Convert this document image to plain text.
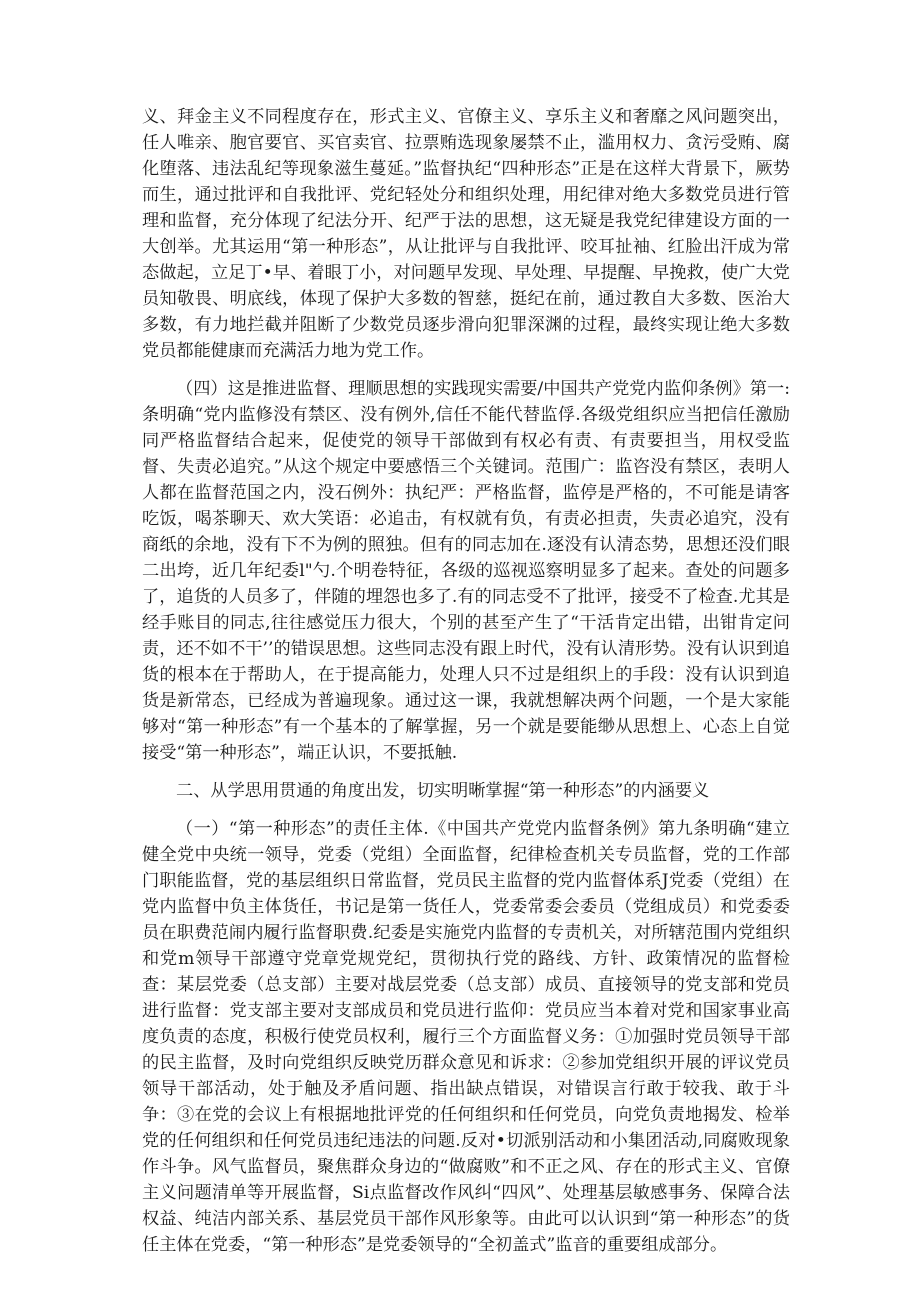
义、拜金主义不同程度存在，形式主义、官僚主义、享乐主义和奢靡之风问题突出，任人唯亲、胞官要官、买官卖官、拉票贿选现象屡禁不止，滥用权力、贪污受贿、腐化堕落、违法乱纪等现象滋生蔓延。”监督执纪“四种形态”正是在这样大背景下，厥势而生，通过批评和自我批评、党纪轻处分和组织处理，用纪律对绝大多数党员进行管理和监督，充分体现了纪法分开、纪严于法的思想，这无疑是我党纪律建设方面的一大创举。尤其运用“第一种形态”，从让批评与自我批评、咬耳扯袖、红脸出汗成为常态做起，立足丁•早、着眼丁小，对问题早发现、早处理、早提醒、早挽救，使广大党员知敬畏、明底线，体现了保护大多数的智慈，挺纪在前，通过教自大多数、医治大多数，有力地拦截并阻断了少数党员逐步滑向犯罪深渊的过程，最终实现让绝大多数党员都能健康而充满活力地为党工作。

（四）这是推进监督、理顺思想的实践现实需要/中国共产党党内监仰条例》第一:条明确“党内监修没有禁区、没有例外,信任不能代替监俘.各级党组织应当把信任激励同严格监督结合起来，促使党的领导干部做到有权必有责、有责要担当，用权受监督、失责必追究。”从这个规定中要感悟三个关键词。范围广：监咨没有禁区，表明人人都在监督范国之内，没石例外：执纪严：严格监督，监停是严格的，不可能是请客吃饭，喝茶聊天、欢大笑语：必追击，有权就有负，有责必担责，失责必追究，没有商纸的余地，没有下不为例的照独。但有的同志加在.逐没有认清态势，思想还没们眼二出垮，近几年纪委l"勺.个明卷特征，各级的巡视巡察明显多了起来。查处的问题多了，追货的人员多了，伴随的埋怨也多了.有的同志受不了批评，接受不了检查.尤其是经手账目的同志,往往感觉压力很大，个别的甚至产生了“干活肯定出错，出钳肯定问责，还不如不干’’的错误思想。这些同志没有跟上时代，没有认清形势。没有认识到追货的根本在于帮助人，在于提高能力，处理人只不过是组织上的手段：没有认识到追货是新常态，已经成为普遍现象。通过这一课，我就想解决两个问题，一个是大家能够对“第一种形态”有一个基本的了解掌握，另一个就是要能缈从思想上、心态上自觉接受“第一种形态”，端正认识，不要抵触.

二、从学思用贯通的角度出发，切实明晰掌握“第一种形态”的内涵要义

（一）“第一种形态”的责任主体.《中国共产党党内监督条例》第九条明确“建立健全党中央统一领导，党委（党组）全面监督，纪律检查机关专员监督，党的工作部门职能监督，党的基层组织日常监督，党员民主监督的党内监督体系J党委（党组）在党内监督中负主体货任，书记是第一货任人，党委常委会委员（党组成员）和党委委员在职费范闹内履行监督职费.纪委是实施党内监督的专责机关，对所辖范围内党组织和党m领导干部遵守党章党规党纪，贯彻执行党的路线、方针、政策情况的监督检查：某层党委（总支部）主要对战层党委（总支部）成员、直接领导的党支部和党员进行监督：党支部主要对支部成员和党员进行监仰：党员应当本着对党和国家事业高度负责的态度，积极行使党员权利，履行三个方面监督义务：①加强时党员领导干部的民主监督，及时向党组织反映党历群众意见和诉求：②参加党组织开展的评议党员领导干部活动，处于触及矛盾问题、指出缺点错误，对错误言行敢于较我、敢于斗争：③在党的会议上有根据地批评党的任何组织和任何党员，向党负责地揭发、检举党的任何组织和任何党员违纪违法的问题.反对•切派别活动和小集团活动,同腐败现象作斗争。风气监督员，聚焦群众身边的“做腐败”和不正之风、存在的形式主义、官僚主义问题清单等开展监督，Si点监督改作风纠“四风”、处理基层敏感事务、保障合法权益、纯洁内部关系、基层党员干部作风形象等。由此可以认识到“第一种形态”的货任主体在党委，“第一种形态”是党委领导的“全初盖式”监音的重要组成部分。
